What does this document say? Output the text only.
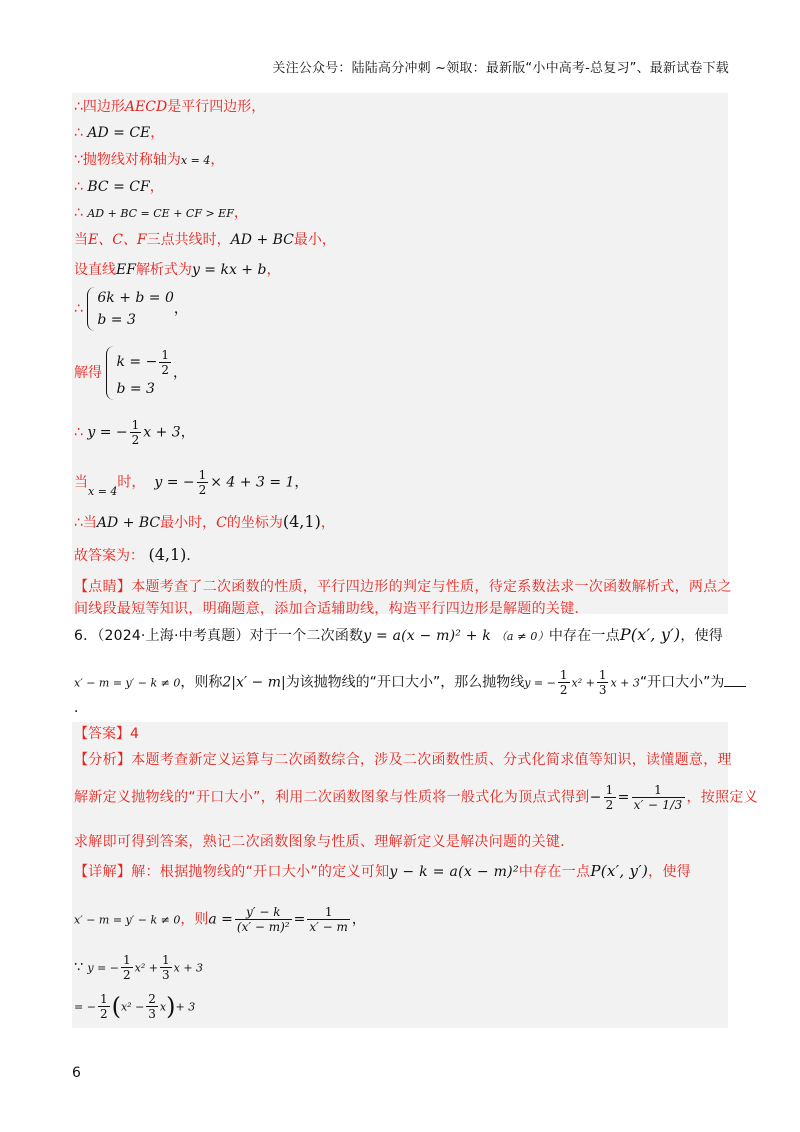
关注公众号：陆陆高分冲刺 ~领取：最新版“小中高考-总复习”、最新试卷下载
∴四边形AECD是平行四边形，
∴ AD = CE，
∵抛物线对称轴为x = 4，
∴ BC = CF，
∴ AD + BC = CE + CF > EF，
当E、C、F三点共线时，AD + BC最小，
设直线EF解析式为y = kx + b，
∴
6k + b = 0
b = 3
，
解得
k = − $\frac{1}{2}$
b = 3
，
∴ y = − $\frac{1}{2}$ x + 3，
当$_{x = 4}$时， y = − $\frac{1}{2} \times 4 + 3 = 1$，
∴当AD + BC最小时，C的坐标为(4,1)，
故答案为： (4,1)．
【点睛】本题考查了二次函数的性质，平行四边形的判定与性质，待定系数法求一次函数解析式，两点之
间线段最短等知识，明确题意，添加合适辅助线，构造平行四边形是解题的关键．
6．（2024·上海·中考真题）对于一个二次函数y = a(x − m)² + k （a ≠ 0）中存在一点P(x′, y′)，使得
x′ − m = y′ − k ≠ 0，则称2|x′ − m|为该抛物线的“开口大小”，那么抛物线y = − $\frac{1}{2} x^2 + \frac{1}{3}$ x + 3“开口大小”为
．
【答案】4
【分析】本题考查新定义运算与二次函数综合，涉及二次函数性质、分式化简求值等知识，读懂题意，理
解新定义抛物线的“开口大小”，利用二次函数图象与性质将一般式化为顶点式得到− $\frac{1}{2} = \frac{1}{x' - 1/3}$ ，按照定义
求解即可得到答案，熟记二次函数图象与性质、理解新定义是解决问题的关键．
【详解】解：根据抛物线的“开口大小”的定义可知y − k = a(x − m)²中存在一点P(x′, y′)，使得
x′ − m = y′ − k ≠ 0，则$a = \frac{y' - k}{\text{(x′ − m)²}} = \frac{1}{x' - m}$ ，
∵ y = − $\frac{1}{2} x^2 + \frac{1}{3}$ x + 3
= − $\frac{1}{2} (x^2 - \frac{2}{3} x)+ 3$
6
